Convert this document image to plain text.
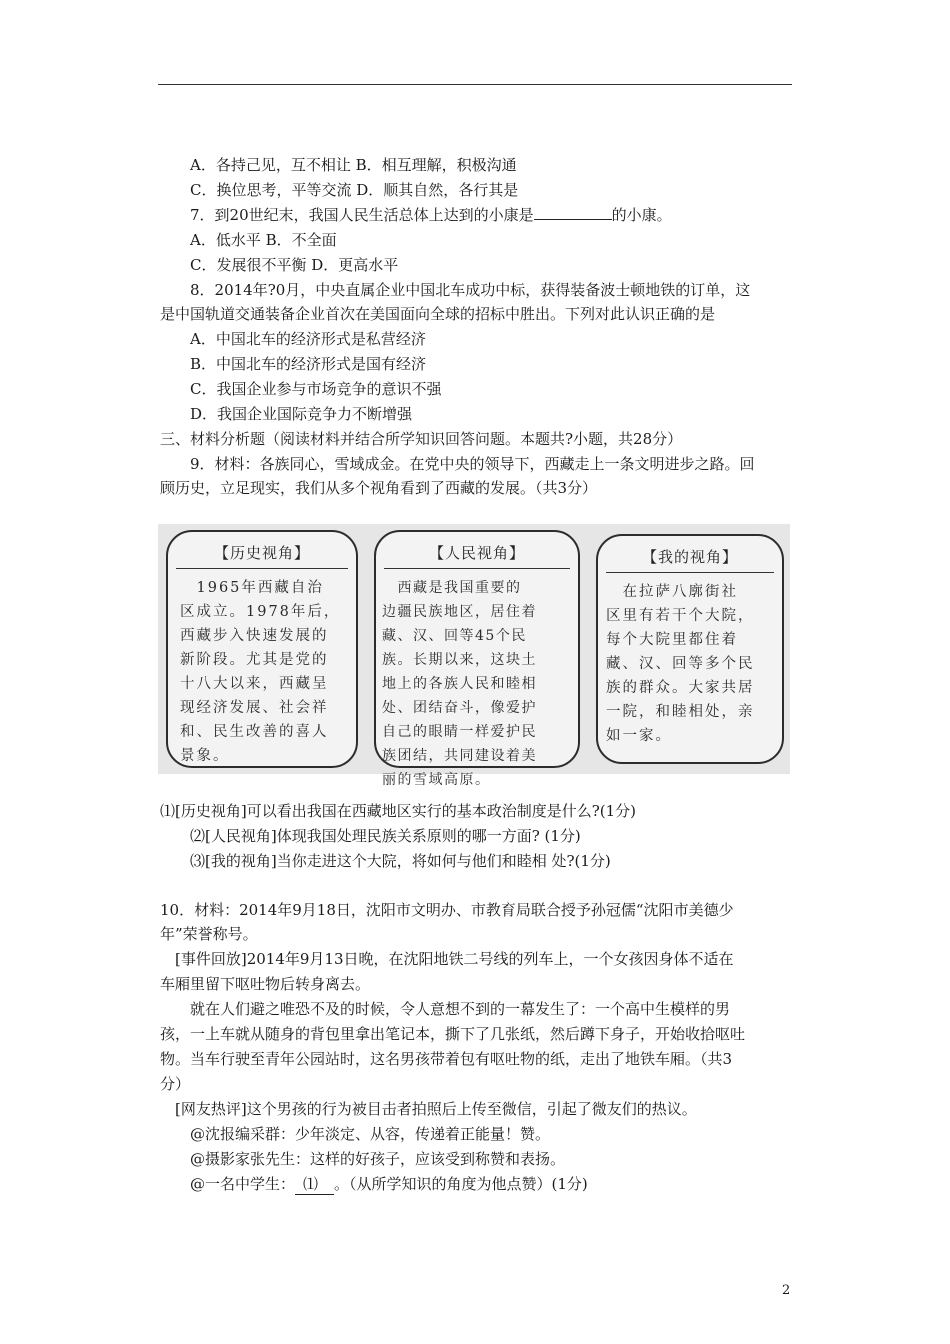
A．各持己见，互不相让 B．相互理解，积极沟通
C．换位思考，平等交流 D．顺其自然，各行其是
7．到20世纪末，我国人民生活总体上达到的小康是	的小康。
A．低水平 B．不全面
C．发展很不平衡 D．更高水平
8．2014年?0月，中央直属企业中国北车成功中标，获得装备波士顿地铁的订单，这
是中国轨道交通装备企业首次在美国面向全球的招标中胜出。下列对此认识正确的是
A．中国北车的经济形式是私营经济
B．中国北车的经济形式是国有经济
C．我国企业参与市场竞争的意识不强
D．我国企业国际竞争力不断增强
三、材料分析题（阅读材料并结合所学知识回答问题。本题共?小题，共28分）
9．材料：各族同心，雪域成金。在党中央的领导下，西藏走上一条文明进步之路。回
顾历史，立足现实，我们从多个视角看到了西藏的发展。（共3分）
【历史视角】
　1965年西藏自治
区成立。1978年后，
西藏步入快速发展的
新阶段。尤其是党的
十八大以来，西藏呈
现经济发展、社会祥
和、民生改善的喜人
景象。
【人民视角】
　西藏是我国重要的
边疆民族地区，居住着
藏、汉、回等45个民
族。长期以来，这块土
地上的各族人民和睦相
处、团结奋斗，像爱护
自己的眼睛一样爱护民
族团结，共同建设着美
丽的雪域高原。
【我的视角】
　在拉萨八廓街社
区里有若干个大院，
每个大院里都住着
藏、汉、回等多个民
族的群众。大家共居
一院，和睦相处，亲
如一家。
⑴[历史视角]可以看出我国在西藏地区实行的基本政治制度是什么?(1分)
⑵[人民视角]体现我国处理民族关系原则的哪一方面? (1分)
⑶[我的视角]当你走进这个大院，将如何与他们和睦相 处?(1分)
10．材料：2014年9月18日，沈阳市文明办、市教育局联合授予孙冠儒“沈阳市美德少
年”荣誉称号。
[事件回放]2014年9月13日晚，在沈阳地铁二号线的列车上，一个女孩因身体不适在
车厢里留下呕吐物后转身离去。
就在人们避之唯恐不及的时候，令人意想不到的一幕发生了：一个高中生模样的男
孩，一上车就从随身的背包里拿出笔记本，撕下了几张纸，然后蹲下身子，开始收拾呕吐
物。当车行驶至青年公园站时，这名男孩带着包有呕吐物的纸，走出了地铁车厢。（共3
分）
[网友热评]这个男孩的行为被目击者拍照后上传至微信，引起了微友们的热议。
@沈报编采群：少年淡定、从容，传递着正能量！赞。
@摄影家张先生：这样的好孩子，应该受到称赞和表扬。
@一名中学生： ⑴ 。（从所学知识的角度为他点赞）(1分)
2
